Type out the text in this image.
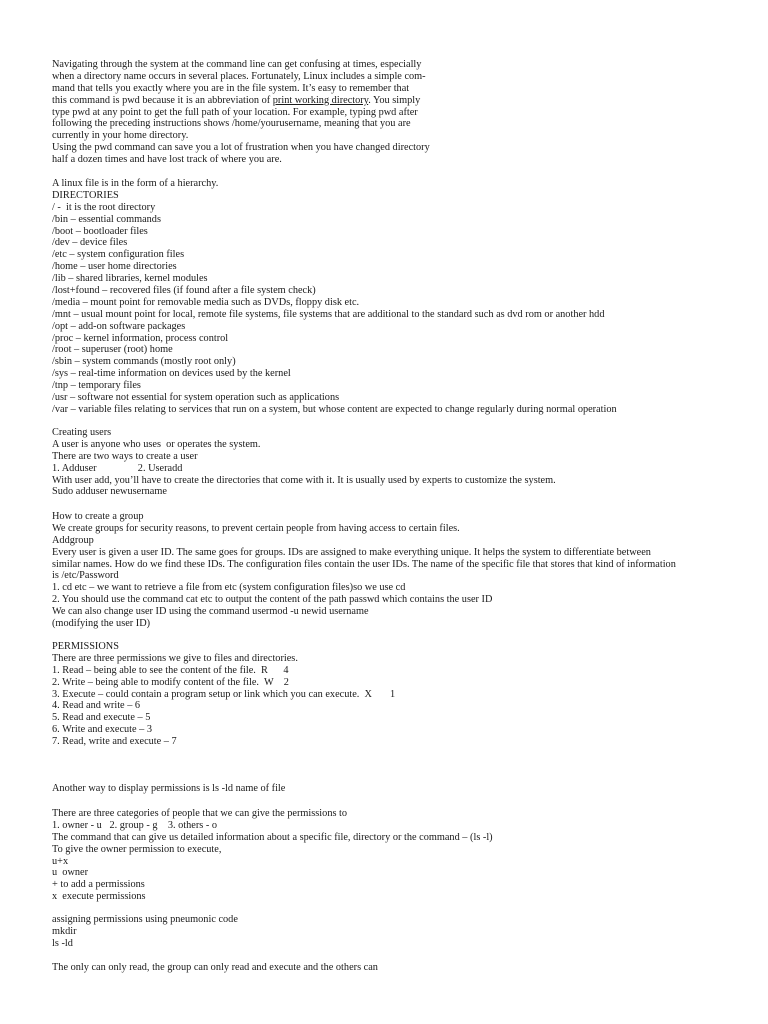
Navigating through the system at the command line can get confusing at times, especially
when a directory name occurs in several places. Fortunately, Linux includes a simple com-
mand that tells you exactly where you are in the file system. It’s easy to remember that
this command is pwd because it is an abbreviation of print working directory. You simply
type pwd at any point to get the full path of your location. For example, typing pwd after
following the preceding instructions shows /home/yourusername, meaning that you are
currently in your home directory.
Using the pwd command can save you a lot of frustration when you have changed directory
half a dozen times and have lost track of where you are.
A linux file is in the form of a hierarchy.
DIRECTORIES
/ -  it is the root directory
/bin – essential commands
/boot – bootloader files
/dev – device files
/etc – system configuration files
/home – user home directories
/lib – shared libraries, kernel modules
/lost+found – recovered files (if found after a file system check)
/media – mount point for removable media such as DVDs, floppy disk etc.
/mnt – usual mount point for local, remote file systems, file systems that are additional to the standard such as dvd rom or another hdd
/opt – add-on software packages
/proc – kernel information, process control
/root – superuser (root) home
/sbin – system commands (mostly root only)
/sys – real-time information on devices used by the kernel
/tnp – temporary files
/usr – software not essential for system operation such as applications
/var – variable files relating to services that run on a system, but whose content are expected to change regularly during normal operation
Creating users
A user is anyone who uses  or operates the system.
There are two ways to create a user
1. Adduser                2. Useradd
With user add, you’ll have to create the directories that come with it. It is usually used by experts to customize the system.
Sudo adduser newusername
How to create a group
We create groups for security reasons, to prevent certain people from having access to certain files.
Addgroup
Every user is given a user ID. The same goes for groups. IDs are assigned to make everything unique. It helps the system to differentiate between
similar names. How do we find these IDs. The configuration files contain the user IDs. The name of the specific file that stores that kind of information
is /etc/Password
1. cd etc – we want to retrieve a file from etc (system configuration files)so we use cd
2. You should use the command cat etc to output the content of the path passwd which contains the user ID
We can also change user ID using the command usermod -u newid username
(modifying the user ID)
PERMISSIONS
There are three permissions we give to files and directories.
1. Read – being able to see the content of the file.  R      4
2. Write – being able to modify content of the file.  W    2
3. Execute – could contain a program setup or link which you can execute.  X       1
4. Read and write – 6
5. Read and execute – 5
6. Write and execute – 3
7. Read, write and execute – 7
Another way to display permissions is ls -ld name of file
There are three categories of people that we can give the permissions to
1. owner - u   2. group - g    3. others - o
The command that can give us detailed information about a specific file, directory or the command – (ls -l)
To give the owner permission to execute,
u+x
u  owner
+ to add a permissions
x  execute permissions
assigning permissions using pneumonic code
mkdir
ls -ld
The only can only read, the group can only read and execute and the others can
